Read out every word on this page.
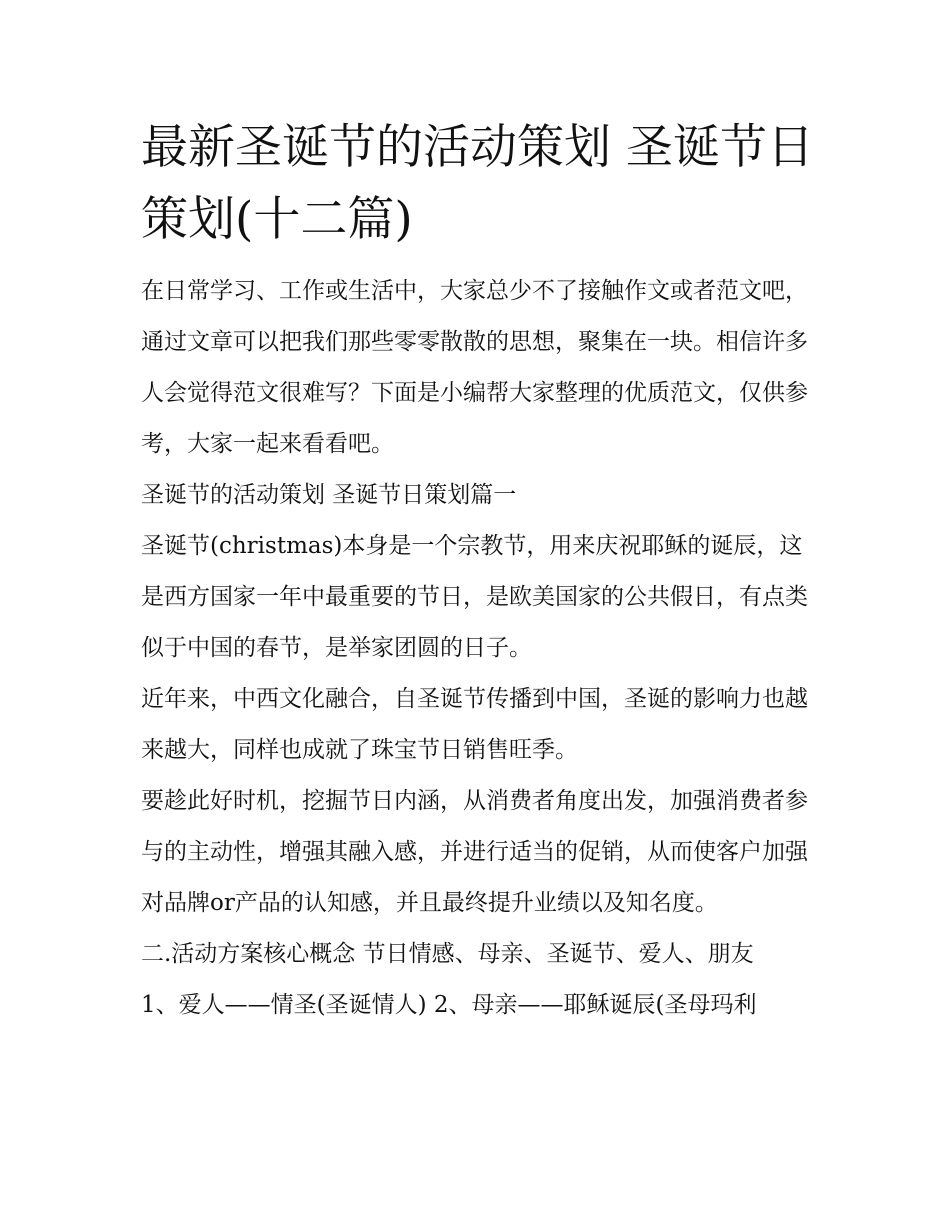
最新圣诞节的活动策划 圣诞节日策划(十二篇)

在日常学习、工作或生活中，大家总少不了接触作文或者范文吧，通过文章可以把我们那些零零散散的思想，聚集在一块。相信许多人会觉得范文很难写？下面是小编帮大家整理的优质范文，仅供参考，大家一起来看看吧。

圣诞节的活动策划 圣诞节日策划篇一

圣诞节(christmas)本身是一个宗教节，用来庆祝耶稣的诞辰，这是西方国家一年中最重要的节日，是欧美国家的公共假日，有点类似于中国的春节，是举家团圆的日子。

近年来，中西文化融合，自圣诞节传播到中国，圣诞的影响力也越来越大，同样也成就了珠宝节日销售旺季。

要趁此好时机，挖掘节日内涵，从消费者角度出发，加强消费者参与的主动性，增强其融入感，并进行适当的促销，从而使客户加强对品牌or产品的认知感，并且最终提升业绩以及知名度。

二.活动方案核心概念 节日情感、母亲、圣诞节、爱人、朋友

1、爱人——情圣(圣诞情人) 2、母亲——耶稣诞辰(圣母玛利
